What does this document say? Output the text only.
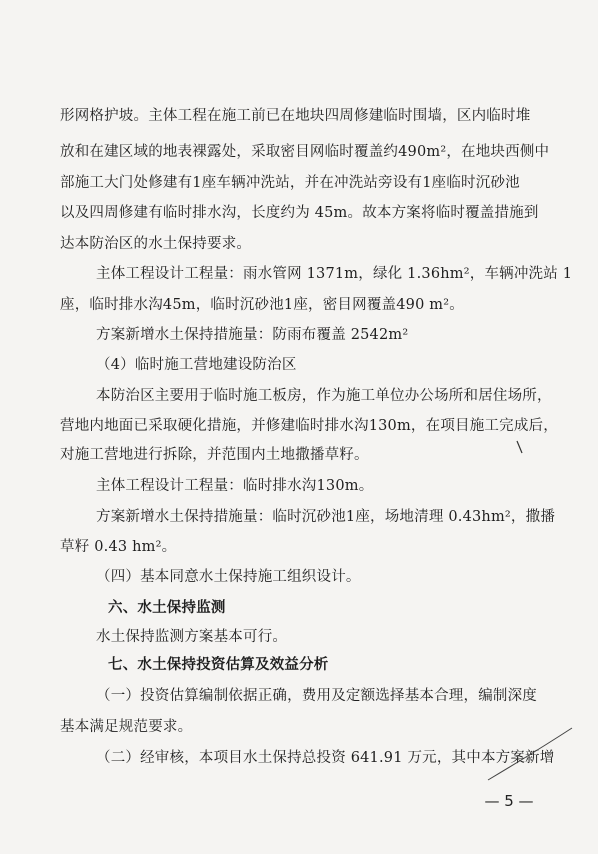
形网格护坡。主体工程在施工前已在地块四周修建临时围墙，区内临时堆
放和在建区域的地表裸露处，采取密目网临时覆盖约490m²，在地块西侧中
部施工大门处修建有1座车辆冲洗站，并在冲洗站旁设有1座临时沉砂池
以及四周修建有临时排水沟，长度约为 45m。故本方案将临时覆盖措施到
达本防治区的水土保持要求。
主体工程设计工程量：雨水管网 1371m，绿化 1.36hm²，车辆冲洗站 1
座，临时排水沟45m，临时沉砂池1座，密目网覆盖490 m²。
方案新增水土保持措施量：防雨布覆盖 2542m²
（4）临时施工营地建设防治区
本防治区主要用于临时施工板房，作为施工单位办公场所和居住场所，
营地内地面已采取硬化措施，并修建临时排水沟130m，在项目施工完成后，
对施工营地进行拆除，并范围内土地撒播草籽。
主体工程设计工程量：临时排水沟130m。
方案新增水土保持措施量：临时沉砂池1座，场地清理 0.43hm²，撒播
草籽 0.43 hm²。
（四）基本同意水土保持施工组织设计。
六、水土保持监测
水土保持监测方案基本可行。
七、水土保持投资估算及效益分析
（一）投资估算编制依据正确，费用及定额选择基本合理，编制深度
基本满足规范要求。
（二）经审核，本项目水土保持总投资 641.91 万元，其中本方案新增
— 5 —
